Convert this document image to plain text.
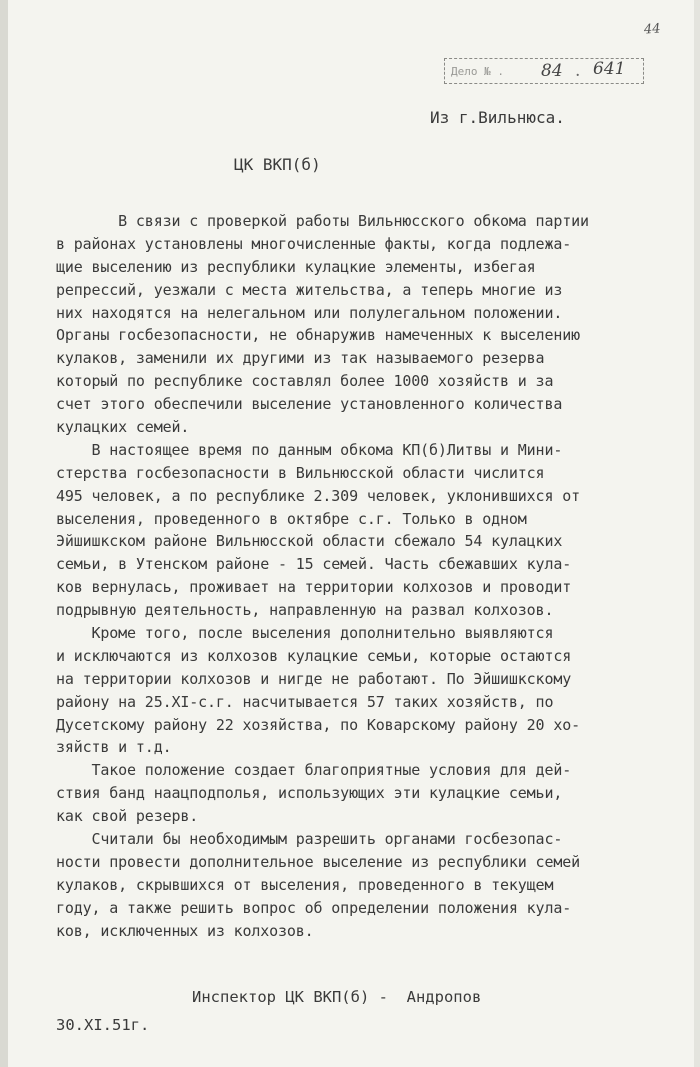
44
Дело № . 84 . 641
Из г.Вильнюса.
ЦК ВКП(б)
В связи с проверкой работы Вильнюсского обкома партии
в районах установлены многочисленные факты, когда подлежа-
щие выселению из республики кулацкие элементы, избегая
репрессий, уезжали с места жительства, а теперь многие из
них находятся на нелегальном или полулегальном положении.
Органы госбезопасности, не обнаружив намеченных к выселению
кулаков, заменили их другими из так называемого резерва
который по республике составлял более 1000 хозяйств и за
счет этого обеспечили выселение установленного количества
кулацких семей.
В настоящее время по данным обкома КП(б)Литвы и Мини-
стерства госбезопасности в Вильнюсской области числится
495 человек, а по республике 2.309 человек, уклонившихся от
выселения, проведенного в октябре с.г. Только в одном
Эйшишкском районе Вильнюсской области сбежало 54 кулацких
семьи, в Утенском районе - 15 семей. Часть сбежавших кула-
ков вернулась, проживает на территории колхозов и проводит
подрывную деятельность, направленную на развал колхозов.
Кроме того, после выселения дополнительно выявляются
и исключаются из колхозов кулацкие семьи, которые остаются
на территории колхозов и нигде не работают. По Эйшишкскому
району на 25.XI-с.г. насчитывается 57 таких хозяйств, по
Дусетскому району 22 хозяйства, по Коварскому району 20 хо-
зяйств и т.д.
Такое положение создает благоприятные условия для дей-
ствия банд наацподполья, использующих эти кулацкие семьи,
как свой резерв.
Считали бы необходимым разрешить органами госбезопас-
ности провести дополнительное выселение из республики семей
кулаков, скрывшихся от выселения, проведенного в текущем
году, а также решить вопрос об определении положения кула-
ков, исключенных из колхозов.
Инспектор ЦК ВКП(б) -  Андропов
30.XI.51г.
